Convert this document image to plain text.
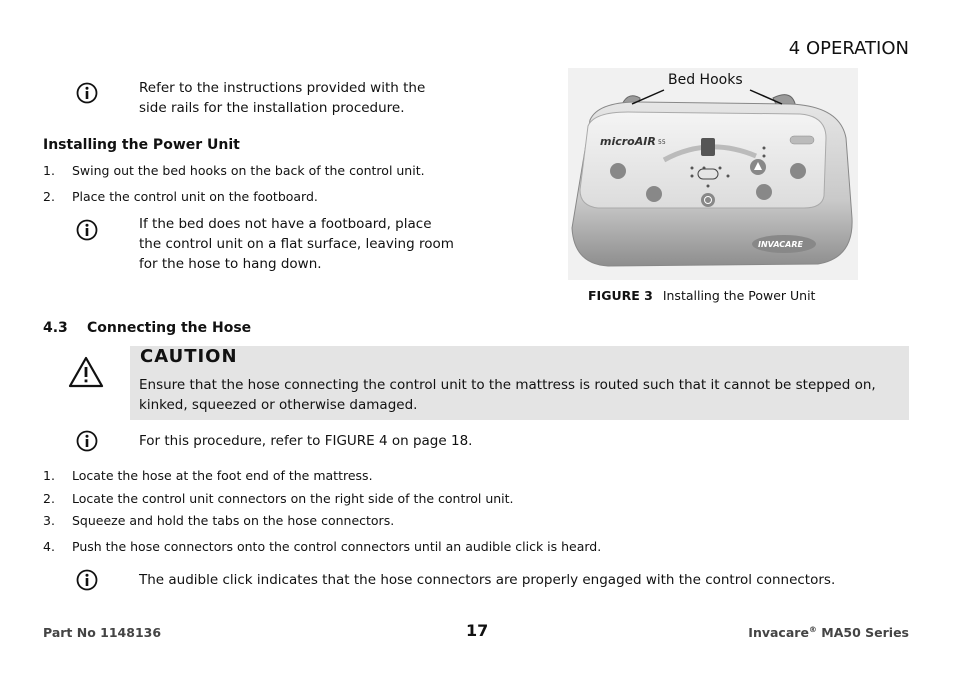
4 OPERATION
Refer to the instructions provided with the side rails for the installation procedure.
Installing the Power Unit
1. Swing out the bed hooks on the back of the control unit.
2. Place the control unit on the footboard.
If the bed does not have a footboard, place the control unit on a flat surface, leaving room for the hose to hang down.
microAIR 55
INVACARE
Bed Hooks
FIGURE 3 Installing the Power Unit
4.3 Connecting the Hose
CAUTION
Ensure that the hose connecting the control unit to the mattress is routed such that it cannot be stepped on, kinked, squeezed or otherwise damaged.
For this procedure, refer to FIGURE 4 on page 18.
1. Locate the hose at the foot end of the mattress.
2. Locate the control unit connectors on the right side of the control unit.
3. Squeeze and hold the tabs on the hose connectors.
4. Push the hose connectors onto the control connectors until an audible click is heard.
The audible click indicates that the hose connectors are properly engaged with the control connectors.
Part No 1148136	17	Invacare® MA50 Series
